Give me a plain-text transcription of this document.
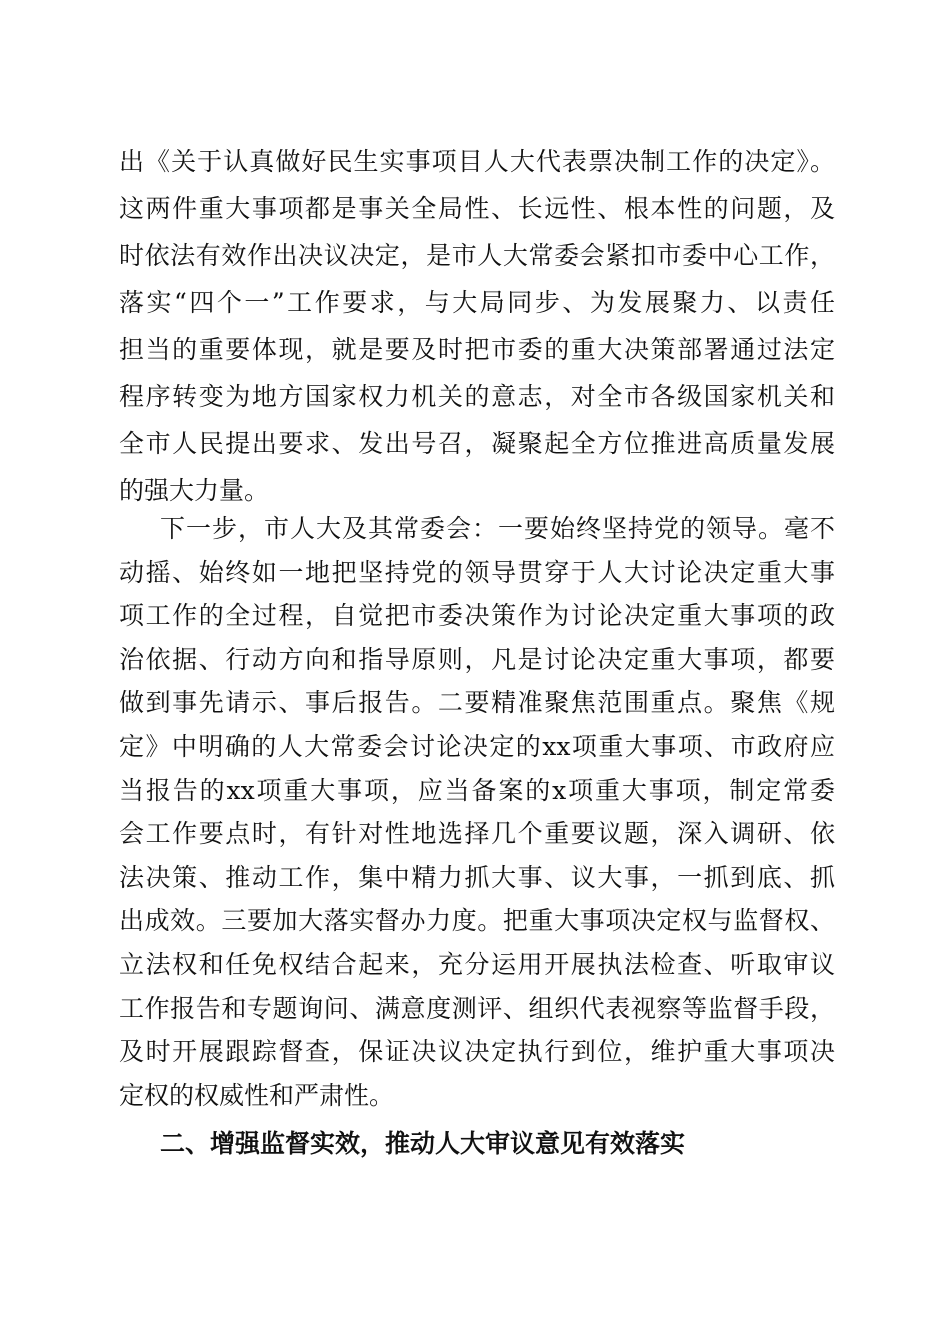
出《关于认真做好民生实事项目人大代表票决制工作的决定》。
这两件重大事项都是事关全局性、长远性、根本性的问题，及
时依法有效作出决议决定，是市人大常委会紧扣市委中心工作，
落实“四个一”工作要求，与大局同步、为发展聚力、以责任
担当的重要体现，就是要及时把市委的重大决策部署通过法定
程序转变为地方国家权力机关的意志，对全市各级国家机关和
全市人民提出要求、发出号召，凝聚起全方位推进高质量发展
的强大力量。
下一步，市人大及其常委会：一要始终坚持党的领导。毫不
动摇、始终如一地把坚持党的领导贯穿于人大讨论决定重大事
项工作的全过程，自觉把市委决策作为讨论决定重大事项的政
治依据、行动方向和指导原则，凡是讨论决定重大事项，都要
做到事先请示、事后报告。二要精准聚焦范围重点。聚焦《规
定》中明确的人大常委会讨论决定的xx项重大事项、市政府应
当报告的xx项重大事项，应当备案的x项重大事项，制定常委
会工作要点时，有针对性地选择几个重要议题，深入调研、依
法决策、推动工作，集中精力抓大事、议大事，一抓到底、抓
出成效。三要加大落实督办力度。把重大事项决定权与监督权、
立法权和任免权结合起来，充分运用开展执法检查、听取审议
工作报告和专题询问、满意度测评、组织代表视察等监督手段，
及时开展跟踪督查，保证决议决定执行到位，维护重大事项决
定权的权威性和严肃性。
二、增强监督实效，推动人大审议意见有效落实
